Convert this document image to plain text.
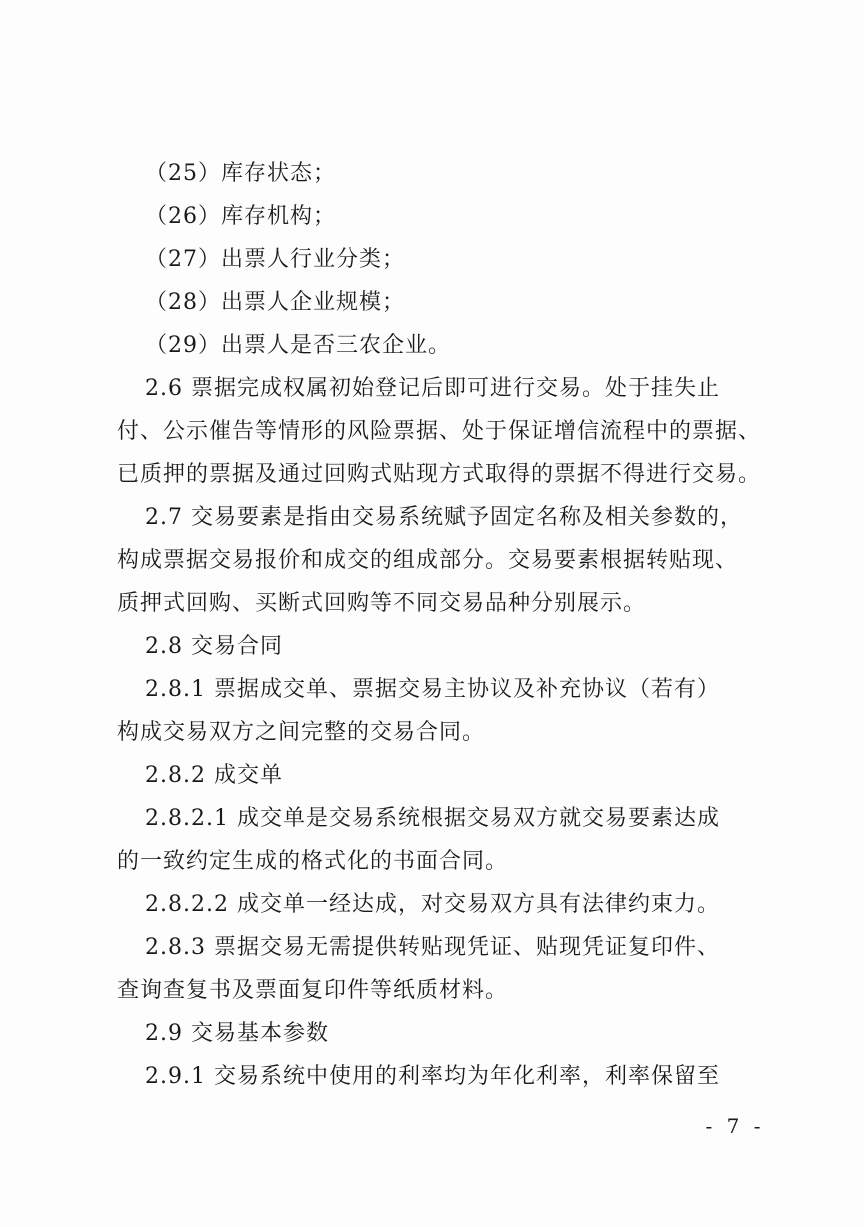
（25）库存状态；
（26）库存机构；
（27）出票人行业分类；
（28）出票人企业规模；
（29）出票人是否三农企业。
2.6 票据完成权属初始登记后即可进行交易。处于挂失止
付、公示催告等情形的风险票据、处于保证增信流程中的票据、
已质押的票据及通过回购式贴现方式取得的票据不得进行交易。
2.7 交易要素是指由交易系统赋予固定名称及相关参数的，
构成票据交易报价和成交的组成部分。交易要素根据转贴现、
质押式回购、买断式回购等不同交易品种分别展示。
2.8 交易合同
2.8.1 票据成交单、票据交易主协议及补充协议（若有）
构成交易双方之间完整的交易合同。
2.8.2 成交单
2.8.2.1 成交单是交易系统根据交易双方就交易要素达成
的一致约定生成的格式化的书面合同。
2.8.2.2 成交单一经达成，对交易双方具有法律约束力。
2.8.3 票据交易无需提供转贴现凭证、贴现凭证复印件、
查询查复书及票面复印件等纸质材料。
2.9 交易基本参数
2.9.1 交易系统中使用的利率均为年化利率，利率保留至
- 7 -
